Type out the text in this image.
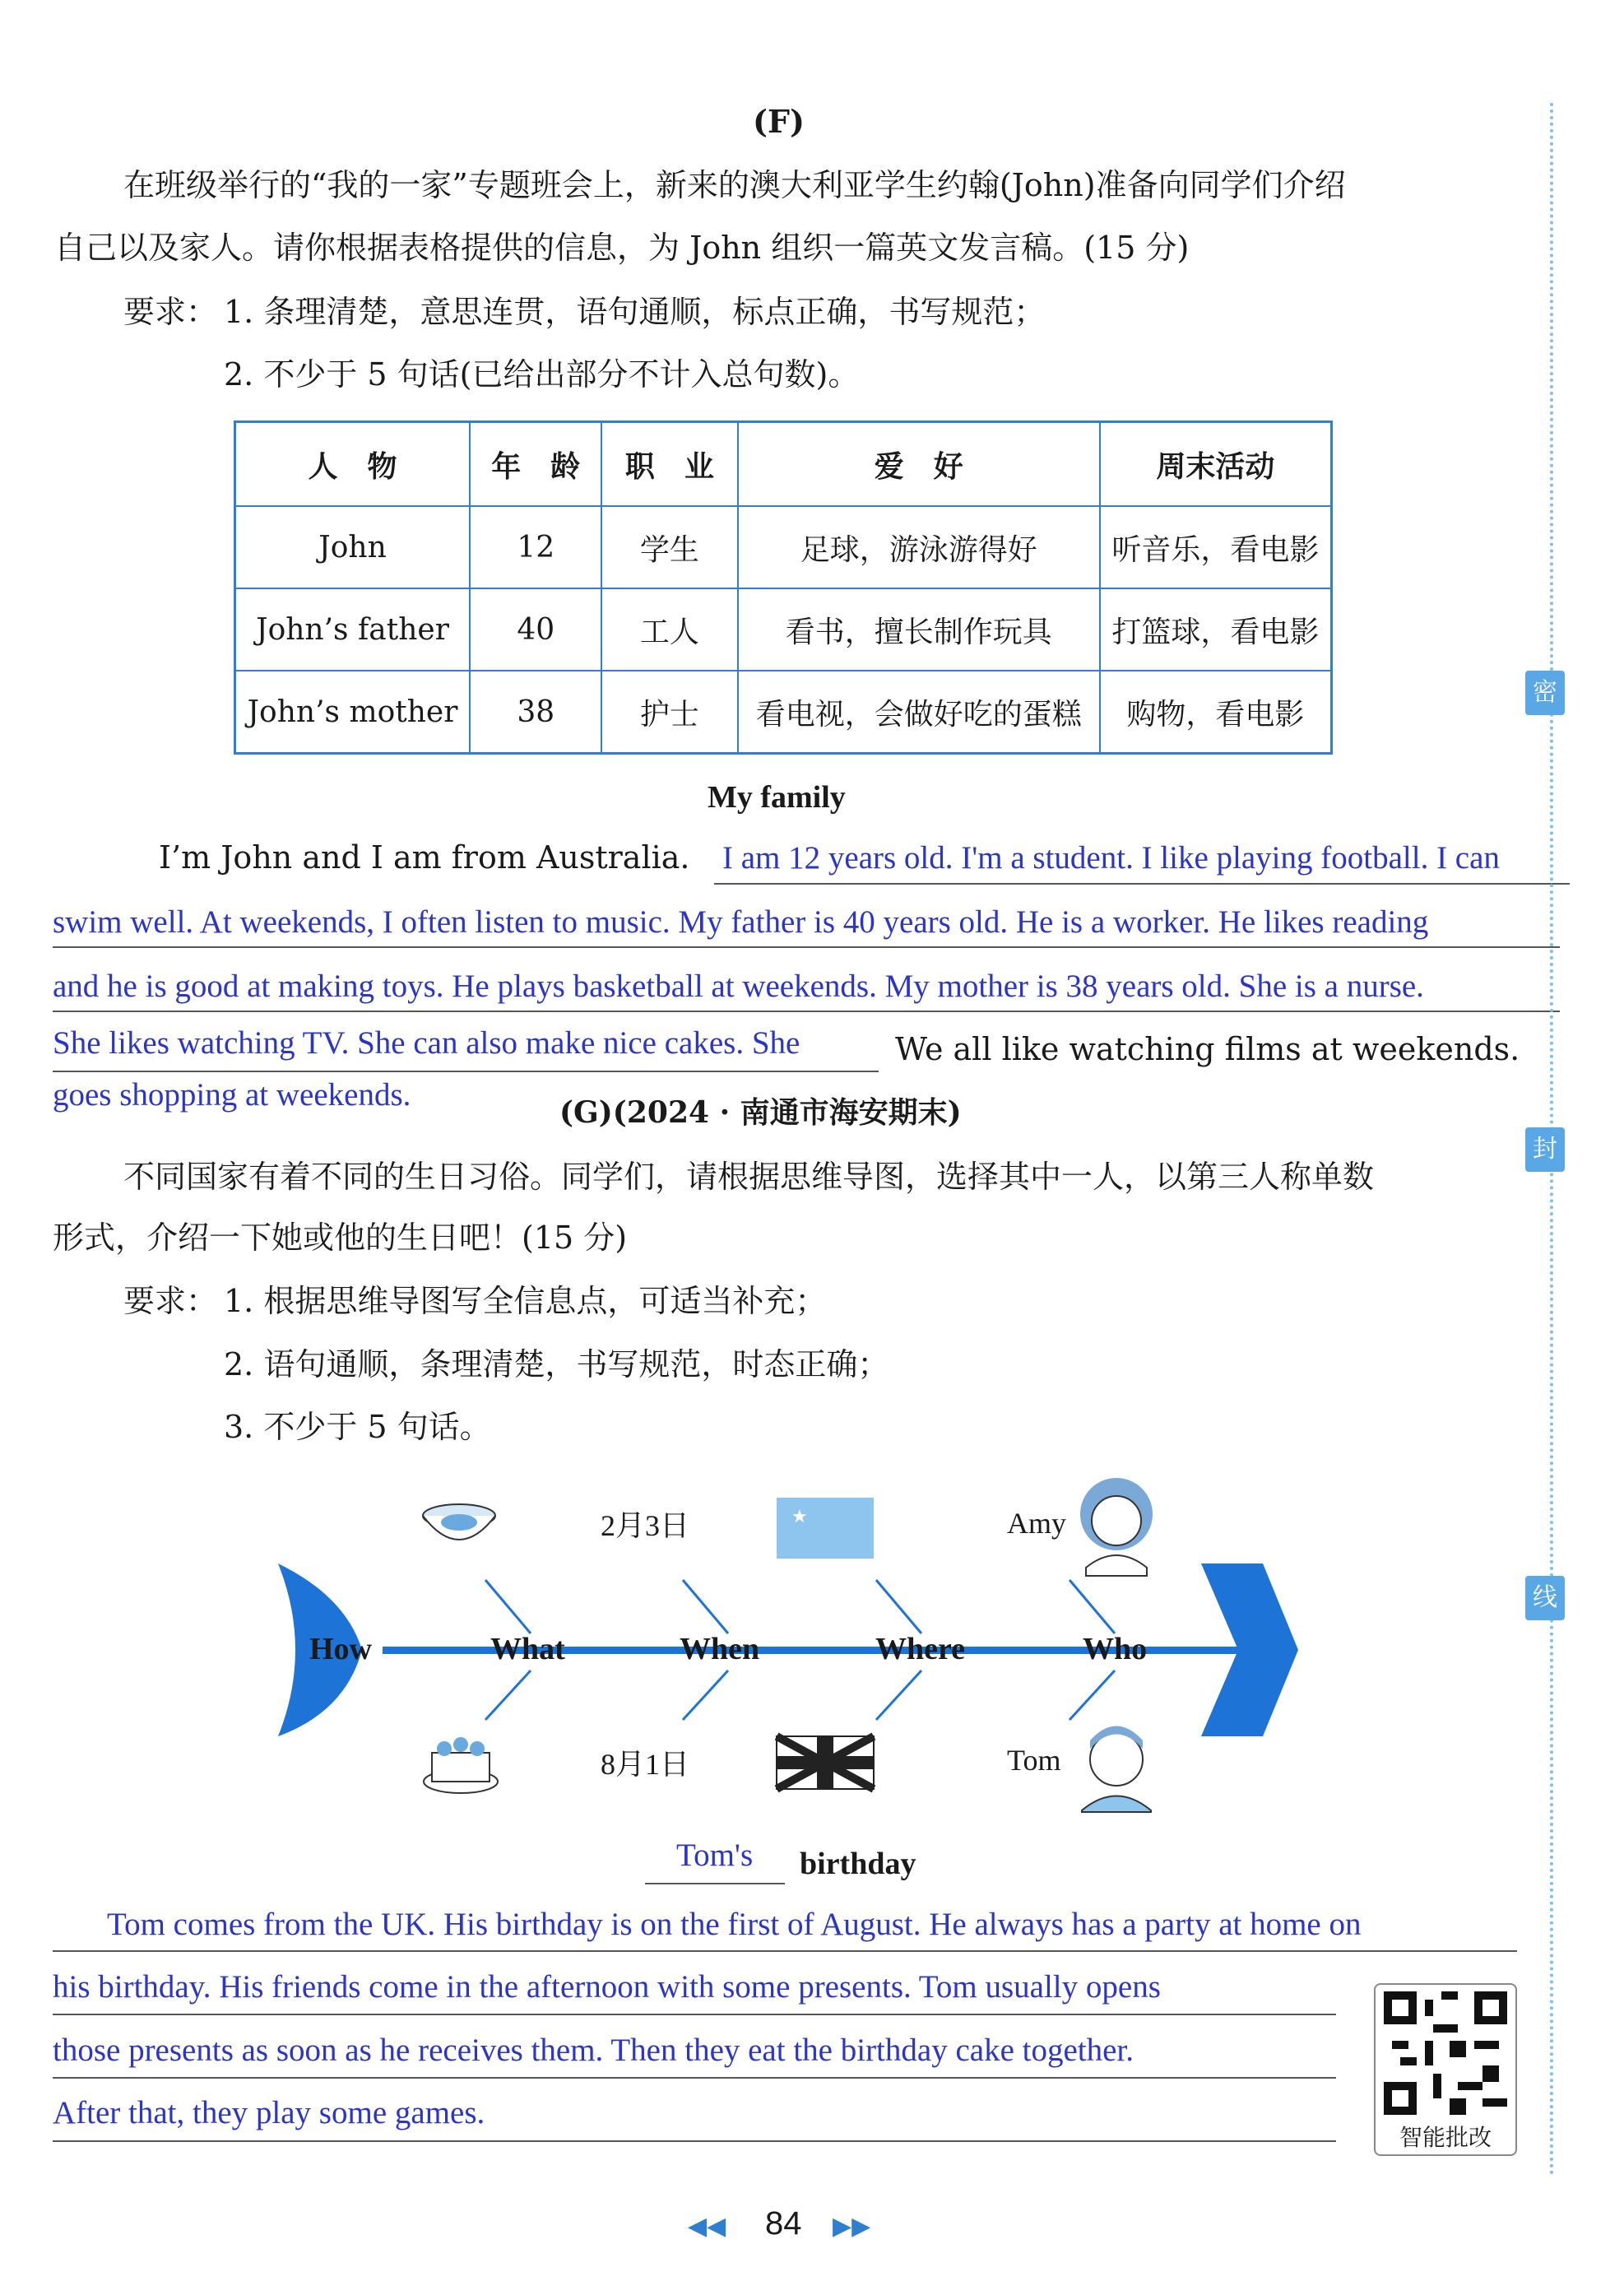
(F)
在班级举行的“我的一家”专题班会上，新来的澳大利亚学生约翰(John)准备向同学们介绍
自己以及家人。请你根据表格提供的信息，为 John 组织一篇英文发言稿。(15 分)
要求： 1. 条理清楚，意思连贯，语句通顺，标点正确，书写规范；
2. 不少于 5 句话(已给出部分不计入总句数)。
人　物	年　龄	职　业	爱　好	周末活动
John	12	学生	足球，游泳游得好	听音乐，看电影
John’s father	40	工人	看书，擅长制作玩具	打篮球，看电影
John’s mother	38	护士	看电视，会做好吃的蛋糕	购物，看电影
My family
I’m John and I am from Australia. I am 12 years old. I'm a student. I like playing football. I can
swim well. At weekends, I often listen to music. My father is 40 years old. He is a worker. He likes reading
and he is good at making toys. He plays basketball at weekends. My mother is 38 years old. She is a nurse.
She likes watching TV. She can also make nice cakes. She	We all like watching films at weekends.
goes shopping at weekends.	(G)(2024 · 南通市海安期末)
不同国家有着不同的生日习俗。同学们，请根据思维导图，选择其中一人，以第三人称单数
形式，介绍一下她或他的生日吧！(15 分)
要求： 1. 根据思维导图写全信息点，可适当补充；
2. 语句通顺，条理清楚，书写规范，时态正确；
3. 不少于 5 句话。
★
How	What	When	Where	Who
2月3日
8月1日
Amy
Tom
Tom's birthday
Tom comes from the UK. His birthday is on the first of August. He always has a party at home on
his birthday. His friends come in the afternoon with some presents. Tom usually opens
those presents as soon as he receives them. Then they eat the birthday cake together.
After that, they play some games.
智能批改
密
封
线
◀◀ 84 ▶▶
